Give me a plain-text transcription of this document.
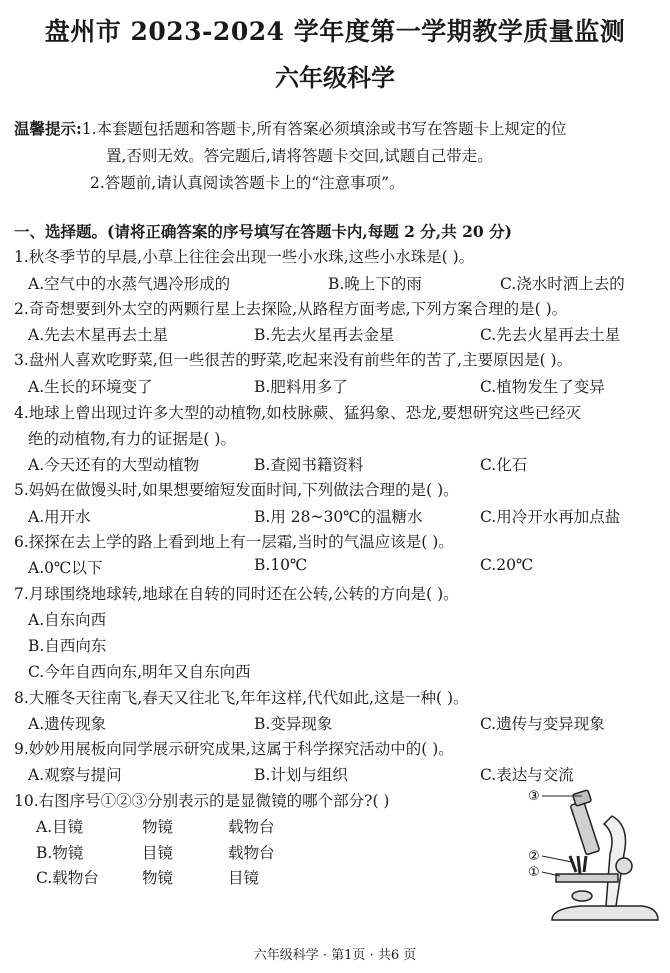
盘州市 2023-2024 学年度第一学期教学质量监测
六年级科学
温馨提示:1.本套题包括题和答题卡,所有答案必须填涂或书写在答题卡上规定的位
置,否则无效。答完题后,请将答题卡交回,试题自己带走。
2.答题前,请认真阅读答题卡上的“注意事项”。
一、选择题。(请将正确答案的序号填写在答题卡内,每题 2 分,共 20 分)
1.秋冬季节的早晨,小草上往往会出现一些小水珠,这些小水珠是( )。
A.空气中的水蒸气遇冷形成的	B.晚上下的雨	C.浇水时洒上去的
2.奇奇想要到外太空的两颗行星上去探险,从路程方面考虑,下列方案合理的是( )。
A.先去木星再去土星	B.先去火星再去金星	C.先去火星再去土星
3.盘州人喜欢吃野菜,但一些很苦的野菜,吃起来没有前些年的苦了,主要原因是( )。
A.生长的环境变了	B.肥料用多了	C.植物发生了变异
4.地球上曾出现过许多大型的动植物,如枝脉蕨、猛犸象、恐龙,要想研究这些已经灭
绝的动植物,有力的证据是( )。
A.今天还有的大型动植物	B.查阅书籍资料	C.化石
5.妈妈在做馒头时,如果想要缩短发面时间,下列做法合理的是( )。
A.用开水	B.用 28~30℃的温糖水	C.用冷开水再加点盐
6.探探在去上学的路上看到地上有一层霜,当时的气温应该是( )。
A.0℃以下	B.10℃	C.20℃
7.月球围绕地球转,地球在自转的同时还在公转,公转的方向是( )。
A.自东向西
B.自西向东
C.今年自西向东,明年又自东向西
8.大雁冬天往南飞,春天又往北飞,年年这样,代代如此,这是一种( )。
A.遗传现象	B.变异现象	C.遗传与变异现象
9.妙妙用展板向同学展示研究成果,这属于科学探究活动中的( )。
A.观察与提问	B.计划与组织	C.表达与交流
10.右图序号①②③分别表示的是显微镜的哪个部分?( )
A.目镜	物镜	载物台
B.物镜	目镜	载物台
C.载物台	物镜	目镜
③
②
①
六年级科学 · 第1页 · 共6 页
